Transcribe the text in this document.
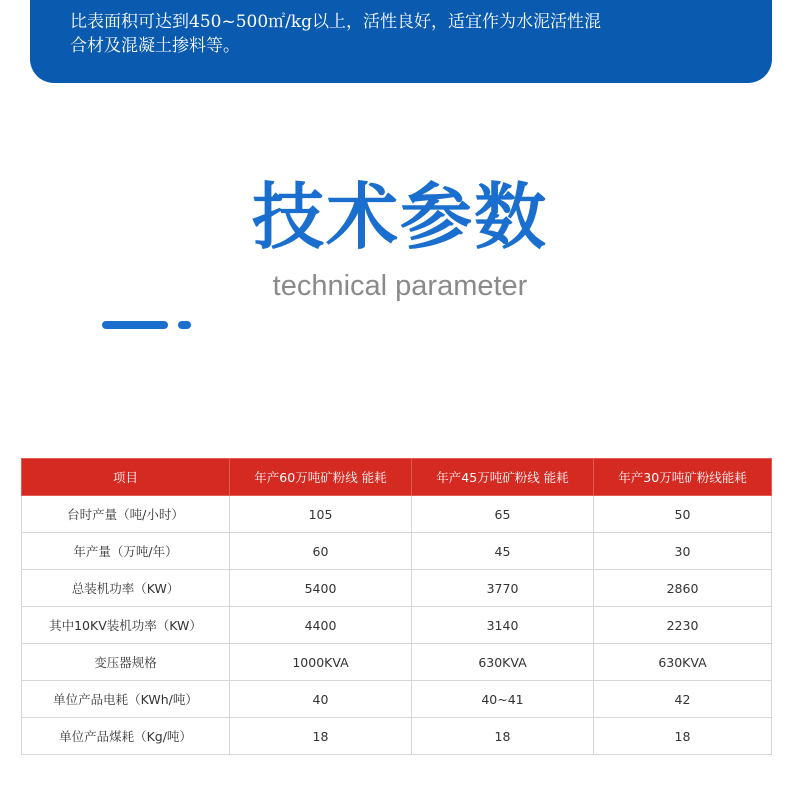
比表面积可达到450~500㎡/kg以上，活性良好，适宜作为水泥活性混
合材及混凝土掺料等。
技术参数
technical parameter
项目	年产60万吨矿粉线 能耗	年产45万吨矿粉线 能耗	年产30万吨矿粉线能耗
台时产量（吨/小时）	105	65	50
年产量（万吨/年）	60	45	30
总装机功率（KW）	5400	3770	2860
其中10KV装机功率（KW）	4400	3140	2230
变压器规格	1000KVA	630KVA	630KVA
单位产品电耗（KWh/吨）	40	40~41	42
单位产品煤耗（Kg/吨）	18	18	18
